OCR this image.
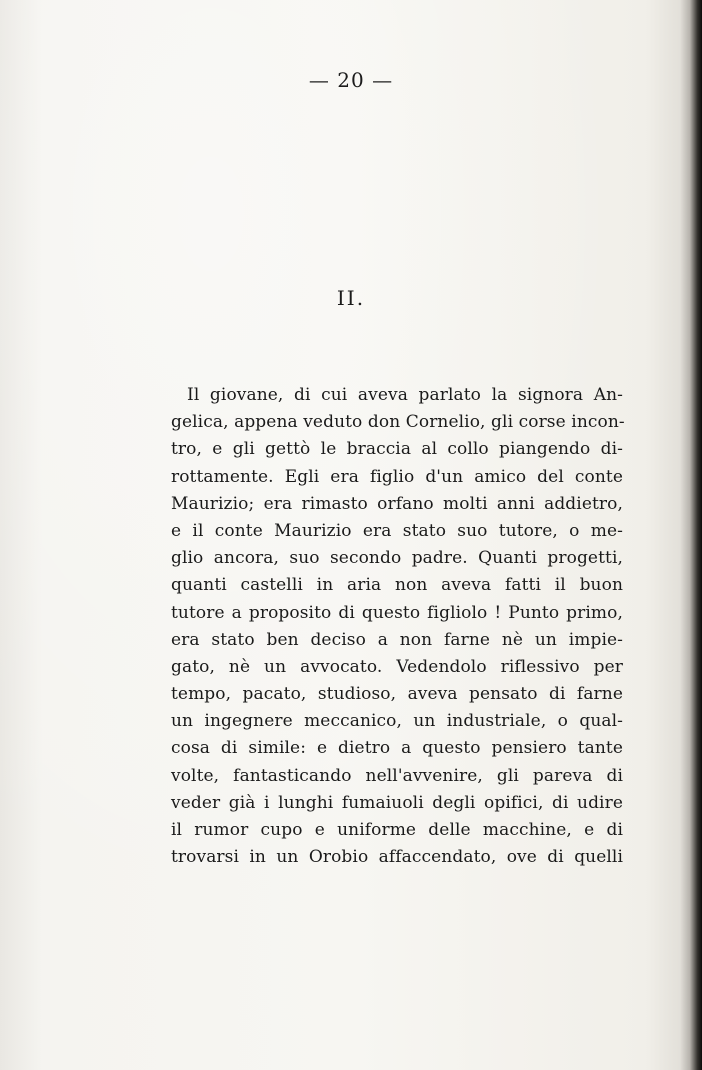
— 20 —
II.
Il giovane, di cui aveva parlato la signora An-
gelica, appena veduto don Cornelio, gli corse incon-
tro, e gli gettò le braccia al collo piangendo di-
rottamente. Egli era figlio d'un amico del conte
Maurizio; era rimasto orfano molti anni addietro,
e il conte Maurizio era stato suo tutore, o me-
glio ancora, suo secondo padre. Quanti progetti,
quanti castelli in aria non aveva fatti il buon
tutore a proposito di questo figliolo ! Punto primo,
era stato ben deciso a non farne nè un impie-
gato, nè un avvocato. Vedendolo riflessivo per
tempo, pacato, studioso, aveva pensato di farne
un ingegnere meccanico, un industriale, o qual-
cosa di simile: e dietro a questo pensiero tante
volte, fantasticando nell'avvenire, gli pareva di
veder già i lunghi fumaiuoli degli opifici, di udire
il rumor cupo e uniforme delle macchine, e di
trovarsi in un Orobio affaccendato, ove di quelli
